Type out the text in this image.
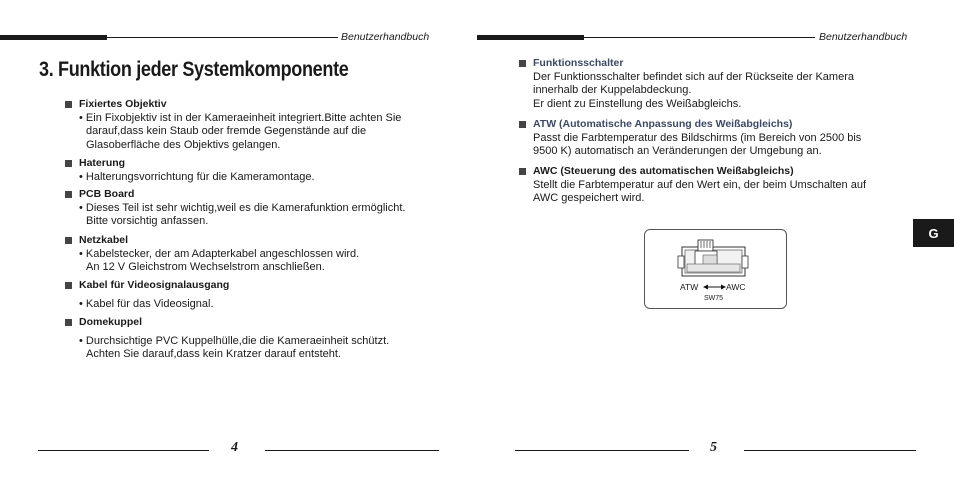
Benutzerhandbuch
3. Funktion jeder Systemkomponente
Fixiertes Objektiv
• Ein Fixobjektiv ist in der Kameraeinheit integriert.Bitte achten Sie
darauf,dass kein Staub oder fremde Gegenstände auf die
Glasoberfläche des Objektivs gelangen.
Haterung
• Halterungsvorrichtung für die Kameramontage.
PCB Board
• Dieses Teil ist sehr wichtig,weil es die Kamerafunktion ermöglicht.
Bitte vorsichtig anfassen.
Netzkabel
• Kabelstecker, der am Adapterkabel angeschlossen wird.
An 12 V Gleichstrom Wechselstrom anschließen.
Kabel für Videosignalausgang
• Kabel für das Videosignal.
Domekuppel
• Durchsichtige PVC Kuppelhülle,die die Kameraeinheit schützt.
Achten Sie darauf,dass kein Kratzer darauf entsteht.
4
Benutzerhandbuch
Funktionsschalter
Der Funktionsschalter befindet sich auf der Rückseite der Kamera
innerhalb der Kuppelabdeckung.
Er dient zu Einstellung des Weißabgleichs.
ATW (Automatische Anpassung des Weißabgleichs)
Passt die Farbtemperatur des Bildschirms (im Bereich von 2500 bis
9500 K) automatisch an Veränderungen der Umgebung an.
AWC (Steuerung des automatischen Weißabgleichs)
Stellt die Farbtemperatur auf den Wert ein, der beim Umschalten auf
AWC gespeichert wird.
5
ATW	AWC
SW75
G
